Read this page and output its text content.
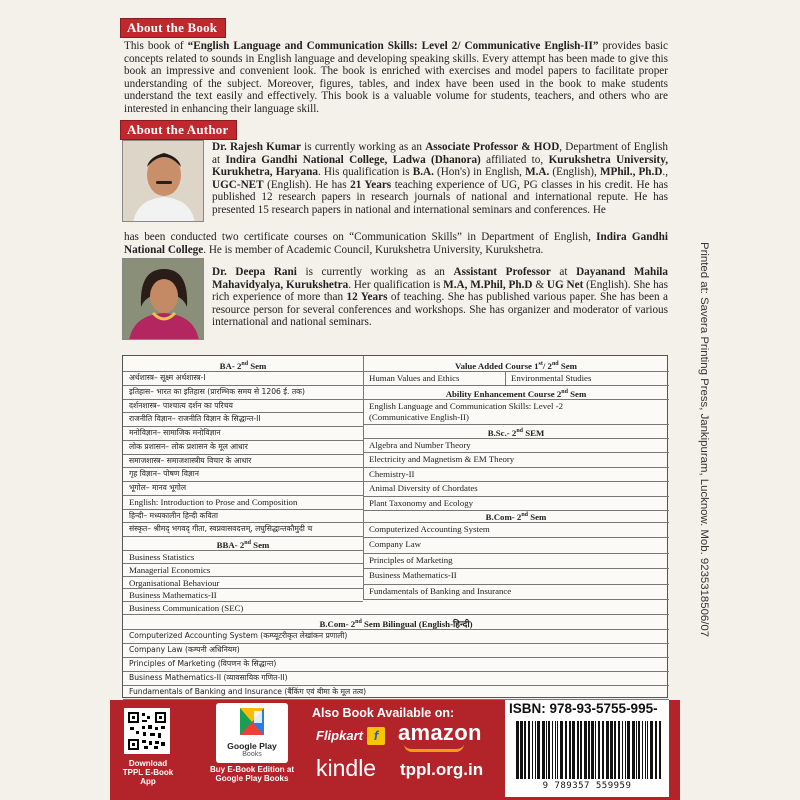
About the Book
This book of “English Language and Communication Skills: Level 2/ Communicative English-II” provides basic concepts related to sounds in English language and developing speaking skills. Every attempt has been made to give this book an impressive and convenient look. The book is enriched with exercises and model papers to facilitate proper understanding of the subject. Moreover, figures, tables, and index have been used in the book to make students understand the text easily and effectively. This book is a valuable volume for students, teachers, and others who are interested in enhancing their language skill.
About the Author
Dr. Rajesh Kumar is currently working as an Associate Professor & HOD, Department of English at Indira Gandhi National College, Ladwa (Dhanora) affiliated to, Kurukshetra University, Kurukhetra, Haryana. His qualification is B.A. (Hon's) in English, M.A. (English), MPhil., Ph.D., UGC-NET (English). He has 21 Years teaching experience of UG, PG classes in his credit. He has published 12 research papers in research journals of national and international repute. He has presented 15 research papers in national and international seminars and conferences. He
has been conducted two certificate courses on “Communication Skills” in Department of English, Indira Gandhi National College. He is member of Academic Council, Kurukshetra University, Kurukshetra.
Dr. Deepa Rani is currently working as an Assistant Professor at Dayanand Mahila Mahavidyalya, Kurukshetra. Her qualification is M.A, M.Phil, Ph.D & UG Net (English). She has rich experience of more than 12 Years of teaching. She has published various paper. She has been a resource person for several conferences and workshops. She has organizer and moderator of various international and national seminars.
BA- 2nd Sem	Value Added Course 1st/ 2nd Sem
Human Values and Ethics	Environmental Studies
Ability Enhancement Course 2nd Sem
English Language and Communication Skills: Level -2
(Communicative English-II)
B.Sc.- 2nd SEM
B.Com- 2nd Sem
BBA- 2nd Sem
B.Com- 2nd Sem Bilingual (English-हिन्दी)
अर्थशास्त्र– सूक्ष्म अर्थशास्त्र-I
इतिहास– भारत का इतिहास (प्रारम्भिक समय से 1206 ई. तक)
दर्शनशास्त्र– पाश्चात्य दर्शन का परिचय
राजनीति विज्ञान– राजनीति विज्ञान के सिद्धान्त-II
मनोविज्ञान– सामाजिक मनोविज्ञान
लोक प्रशासन– लोक प्रशासन के मूल आधार
समाजशास्त्र– समाजशास्त्रीय विचार के आधार
गृह विज्ञान– पोषण विज्ञान
भूगोल– मानव भूगोल
English: Introduction to Prose and Composition
हिन्दी– मध्यकालीन हिन्दी कविता
संस्कृत– श्रीमद् भगवद् गीता, स्वप्नवासवदत्तम्, लघुसिद्धान्तकौमुदी च
Algebra and Number Theory
Electricity and Magnetism & EM Theory
Chemistry-II
Animal Diversity of Chordates
Plant Taxonomy and Ecology
Computerized Accounting System
Company Law
Principles of Marketing
Business Mathematics-II
Fundamentals of Banking and Insurance
Business Statistics
Managerial Economics
Organisational Behaviour
Business Mathematics-II
Business Communication (SEC)
Computerized Accounting System (कम्प्यूटरीकृत लेखांकन प्रणाली)
Company Law (कम्पनी अधिनियम)
Principles of Marketing (विपणन के सिद्धान्त)
Business Mathematics-II (व्यावसायिक गणित-II)
Fundamentals of Banking and Insurance (बैंकिंग एवं बीमा के मूल तत्व)
Printed at: Savera Printing Press, Jankipuram, Lucknow. Mob. 9235318506/07
Download TPPL E-Book App
Google Play
Books
Buy E-Book Edition at Google Play Books
Also Book Available on:
Flipkart f amazon
kindle tppl.org.in
ISBN: 978-93-5755-995-
9 789357 559959
